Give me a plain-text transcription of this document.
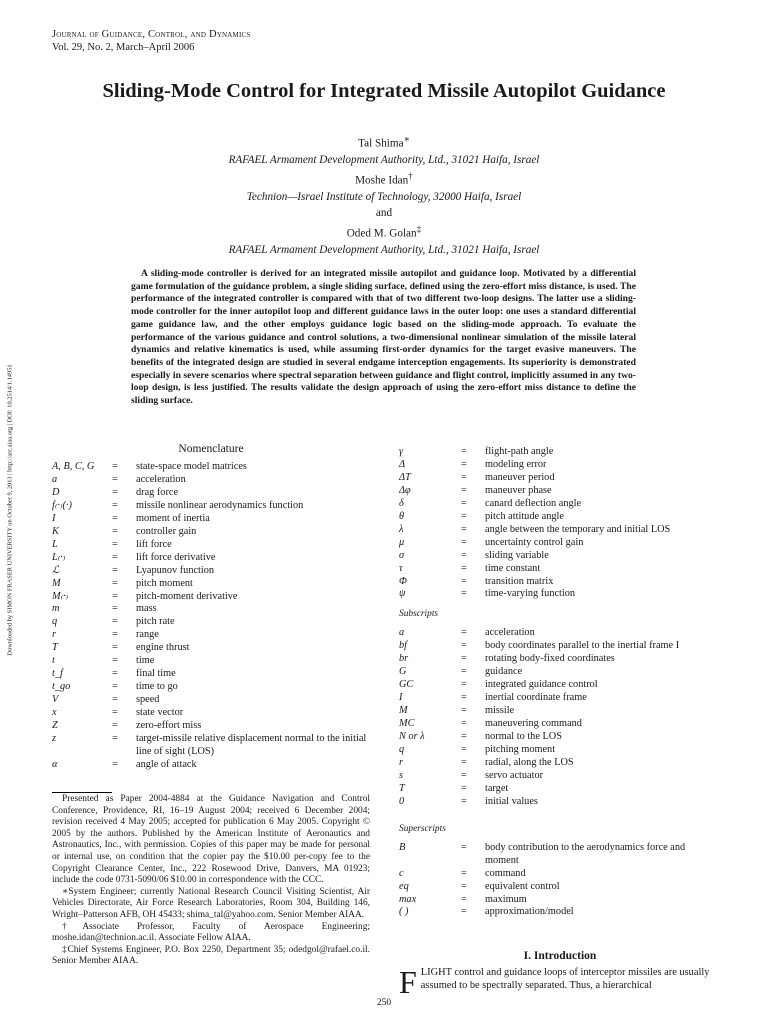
Journal of Guidance, Control, and Dynamics
Vol. 29, No. 2, March–April 2006
Sliding-Mode Control for Integrated Missile Autopilot Guidance
Tal Shima∗
RAFAEL Armament Development Authority, Ltd., 31021 Haifa, Israel
Moshe Idan†
Technion—Israel Institute of Technology, 32000 Haifa, Israel
and
Oded M. Golan‡
RAFAEL Armament Development Authority, Ltd., 31021 Haifa, Israel
A sliding-mode controller is derived for an integrated missile autopilot and guidance loop. Motivated by a differential game formulation of the guidance problem, a single sliding surface, defined using the zero-effort miss distance, is used. The performance of the integrated controller is compared with that of two different two-loop designs. The latter use a sliding-mode controller for the inner autopilot loop and different guidance laws in the outer loop: one uses a standard differential game guidance law, and the other employs guidance logic based on the sliding-mode approach. To evaluate the performance of the various guidance and control solutions, a two-dimensional nonlinear simulation of the missile lateral dynamics and relative kinematics is used, while assuming first-order dynamics for the target evasive maneuvers. The benefits of the integrated design are studied in several endgame interception engagements. Its superiority is demonstrated especially in severe scenarios where spectral separation between guidance and flight control, implicitly assumed in any two-loop design, is less justified. The results validate the design approach of using the zero-effort miss distance to define the sliding surface.
Downloaded by SIMON FRASER UNIVERSITY on October 9, 2013 | http://arc.aiaa.org | DOI: 10.2514/1.14951	Nomenclature
A, B, C, G	=	state-space model matrices
a	=	acceleration
D	=	drag force
f₍·₎(·)	=	missile nonlinear aerodynamics function
I	=	moment of inertia
K	=	controller gain
L	=	lift force
L₍·₎	=	lift force derivative
ℒ	=	Lyapunov function
M	=	pitch moment
M₍·₎	=	pitch-moment derivative
m	=	mass
q	=	pitch rate
r	=	range
T	=	engine thrust
t	=	time
t_f	=	final time
t_go	=	time to go
V	=	speed
x	=	state vector
Z	=	zero-effort miss
z	=	target-missile relative displacement normal to the initial line of sight (LOS)
α	=	angle of attack
γ	=	flight-path angle
Δ	=	modeling error
ΔT	=	maneuver period
Δφ	=	maneuver phase
δ	=	canard deflection angle
θ	=	pitch attitude angle
λ	=	angle between the temporary and initial LOS
μ	=	uncertainty control gain
σ	=	sliding variable
τ	=	time constant
Φ	=	transition matrix
ψ	=	time-varying function
Subscripts
a	=	acceleration
bf	=	body coordinates parallel to the inertial frame I
br	=	rotating body-fixed coordinates
G	=	guidance
GC	=	integrated guidance control
I	=	inertial coordinate frame
M	=	missile
MC	=	maneuvering command
N or λ	=	normal to the LOS
q	=	pitching moment
r	=	radial, along the LOS
s	=	servo actuator
T	=	target
0	=	initial values
Superscripts
B	=	body contribution to the aerodynamics force and moment
c	=	command
eq	=	equivalent control
max	=	maximum
( )	=	approximation/model

Presented as Paper 2004-4884 at the Guidance Navigation and Control Conference, Providence, RI, 16–19 August 2004; received 6 December 2004; revision received 4 May 2005; accepted for publication 6 May 2005. Copyright © 2005 by the authors. Published by the American Institute of Aeronautics and Astronautics, Inc., with permission. Copies of this paper may be made for personal or internal use, on condition that the copier pay the $10.00 per-copy fee to the Copyright Clearance Center, Inc., 222 Rosewood Drive, Danvers, MA 01923; include the code 0731-5090/06 $10.00 in correspondence with the CCC.

∗System Engineer; currently National Research Council Visiting Scientist, Air Vehicles Directorate, Air Force Research Laboratories, Room 304, Building 146, Wright–Patterson AFB, OH 45433; shima_tal@yahoo.com. Senior Member AIAA.

†Associate Professor, Faculty of Aerospace Engineering; moshe.idan@technion.ac.il. Associate Fellow AIAA.

‡Chief Systems Engineer, P.O. Box 2250, Department 35; odedgol@rafael.co.il. Senior Member AIAA.	I. Introduction
FLIGHT control and guidance loops of interceptor missiles are usually assumed to be spectrally separated. Thus, a hierarchical
250
